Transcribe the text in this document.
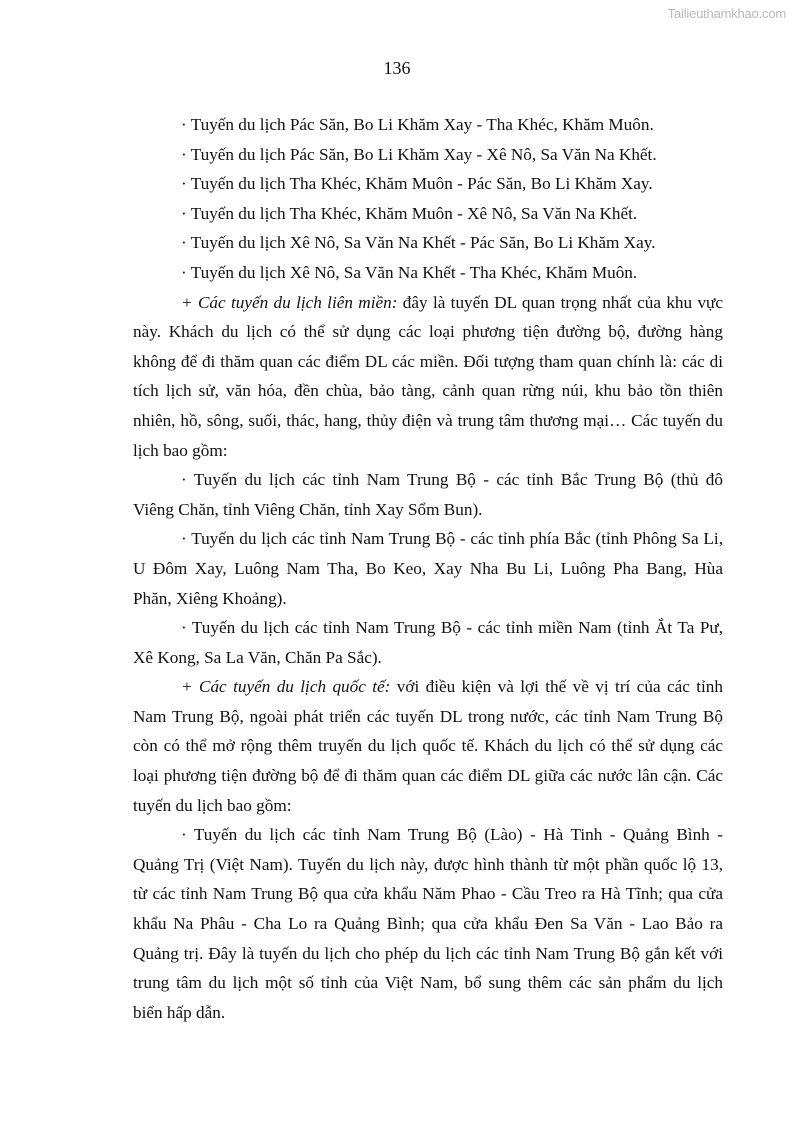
Tailieuthamkhao.com
136
· Tuyến du lịch Pác Săn, Bo Li Khăm Xay - Tha Khéc, Khăm Muôn.
· Tuyến du lịch Pác Săn, Bo Li Khăm Xay - Xê Nô, Sa Văn Na Khết.
· Tuyến du lịch Tha Khéc, Khăm Muôn - Pác Săn, Bo Li Khăm Xay.
· Tuyến du lịch Tha Khéc, Khăm Muôn - Xê Nô, Sa Văn Na Khết.
· Tuyến du lịch Xê Nô, Sa Văn Na Khết - Pác Săn, Bo Li Khăm Xay.
· Tuyến du lịch Xê Nô, Sa Văn Na Khết - Tha Khéc, Khăm Muôn.
+ Các tuyến du lịch liên miền: đây là tuyến DL quan trọng nhất của khu vực
này. Khách du lịch có thể sử dụng các loại phương tiện đường bộ, đường hàng
không để đi thăm quan các điểm DL các miền. Đối tượng tham quan chính là: các di
tích lịch sử, văn hóa, đền chùa, bảo tàng, cảnh quan rừng núi, khu bảo tồn thiên
nhiên, hồ, sông, suối, thác, hang, thủy điện và trung tâm thương mại… Các tuyến du
lịch bao gồm:
· Tuyến du lịch các tỉnh Nam Trung Bộ - các tỉnh Bắc Trung Bộ (thủ đô
Viêng Chăn, tỉnh Viêng Chăn, tỉnh Xay Sổm Bun).
· Tuyến du lịch các tỉnh Nam Trung Bộ - các tỉnh phía Bắc (tỉnh Phông Sa Li,
U Đôm Xay, Luông Nam Tha, Bo Keo, Xay Nha Bu Li, Luông Pha Bang, Hùa
Phăn, Xiêng Khoảng).
· Tuyến du lịch các tỉnh Nam Trung Bộ - các tỉnh miền Nam (tỉnh Ắt Ta Pư,
Xê Kong, Sa La Văn, Chăn Pa Sắc).
+ Các tuyến du lịch quốc tế: với điều kiện và lợi thế về vị trí của các tỉnh
Nam Trung Bộ, ngoài phát triển các tuyến DL trong nước, các tỉnh Nam Trung Bộ
còn có thể mở rộng thêm truyến du lịch quốc tế. Khách du lịch có thể sử dụng các
loại phương tiện đường bộ để đi thăm quan các điểm DL giữa các nước lân cận. Các
tuyến du lịch bao gồm:
· Tuyến du lịch các tỉnh Nam Trung Bộ (Lào) - Hà Tinh - Quảng Bình -
Quảng Trị (Việt Nam). Tuyến du lịch này, được hình thành từ một phần quốc lộ 13,
từ các tỉnh Nam Trung Bộ qua cửa khẩu Năm Phao - Cầu Treo ra Hà Tĩnh; qua cửa
khẩu Na Phâu - Cha Lo ra Quảng Bình; qua cửa khẩu Đen Sa Văn - Lao Bảo ra
Quảng trị. Đây là tuyến du lịch cho phép du lịch các tỉnh Nam Trung Bộ gắn kết với
trung tâm du lịch một số tỉnh của Việt Nam, bổ sung thêm các sản phẩm du lịch
biển hấp dẫn.
